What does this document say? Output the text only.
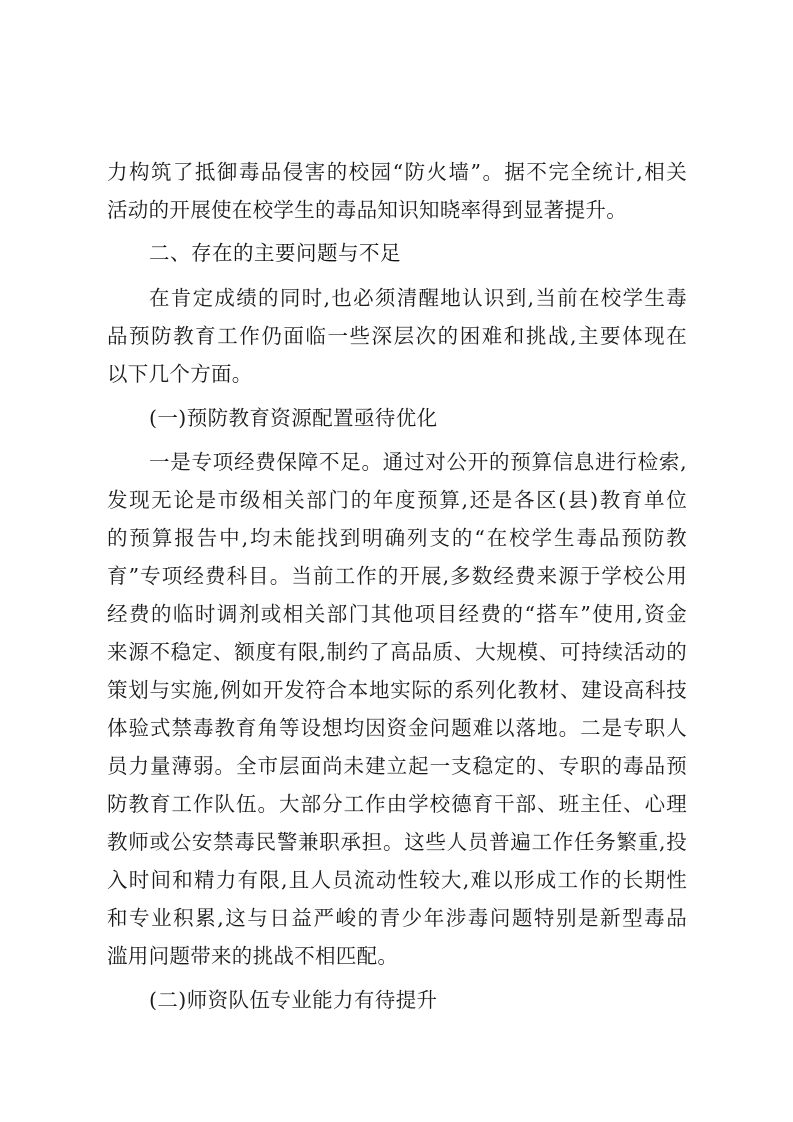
力构筑了抵御毒品侵害的校园“防火墙”。据不完全统计,相关
活动的开展使在校学生的毒品知识知晓率得到显著提升。
二、存在的主要问题与不足
在肯定成绩的同时,也必须清醒地认识到,当前在校学生毒
品预防教育工作仍面临一些深层次的困难和挑战,主要体现在
以下几个方面。
(一)预防教育资源配置亟待优化
一是专项经费保障不足。通过对公开的预算信息进行检索,
发现无论是市级相关部门的年度预算,还是各区(县)教育单位
的预算报告中,均未能找到明确列支的“在校学生毒品预防教
育”专项经费科目。当前工作的开展,多数经费来源于学校公用
经费的临时调剂或相关部门其他项目经费的“搭车”使用,资金
来源不稳定、额度有限,制约了高品质、大规模、可持续活动的
策划与实施,例如开发符合本地实际的系列化教材、建设高科技
体验式禁毒教育角等设想均因资金问题难以落地。二是专职人
员力量薄弱。全市层面尚未建立起一支稳定的、专职的毒品预
防教育工作队伍。大部分工作由学校德育干部、班主任、心理
教师或公安禁毒民警兼职承担。这些人员普遍工作任务繁重,投
入时间和精力有限,且人员流动性较大,难以形成工作的长期性
和专业积累,这与日益严峻的青少年涉毒问题特别是新型毒品
滥用问题带来的挑战不相匹配。
(二)师资队伍专业能力有待提升
